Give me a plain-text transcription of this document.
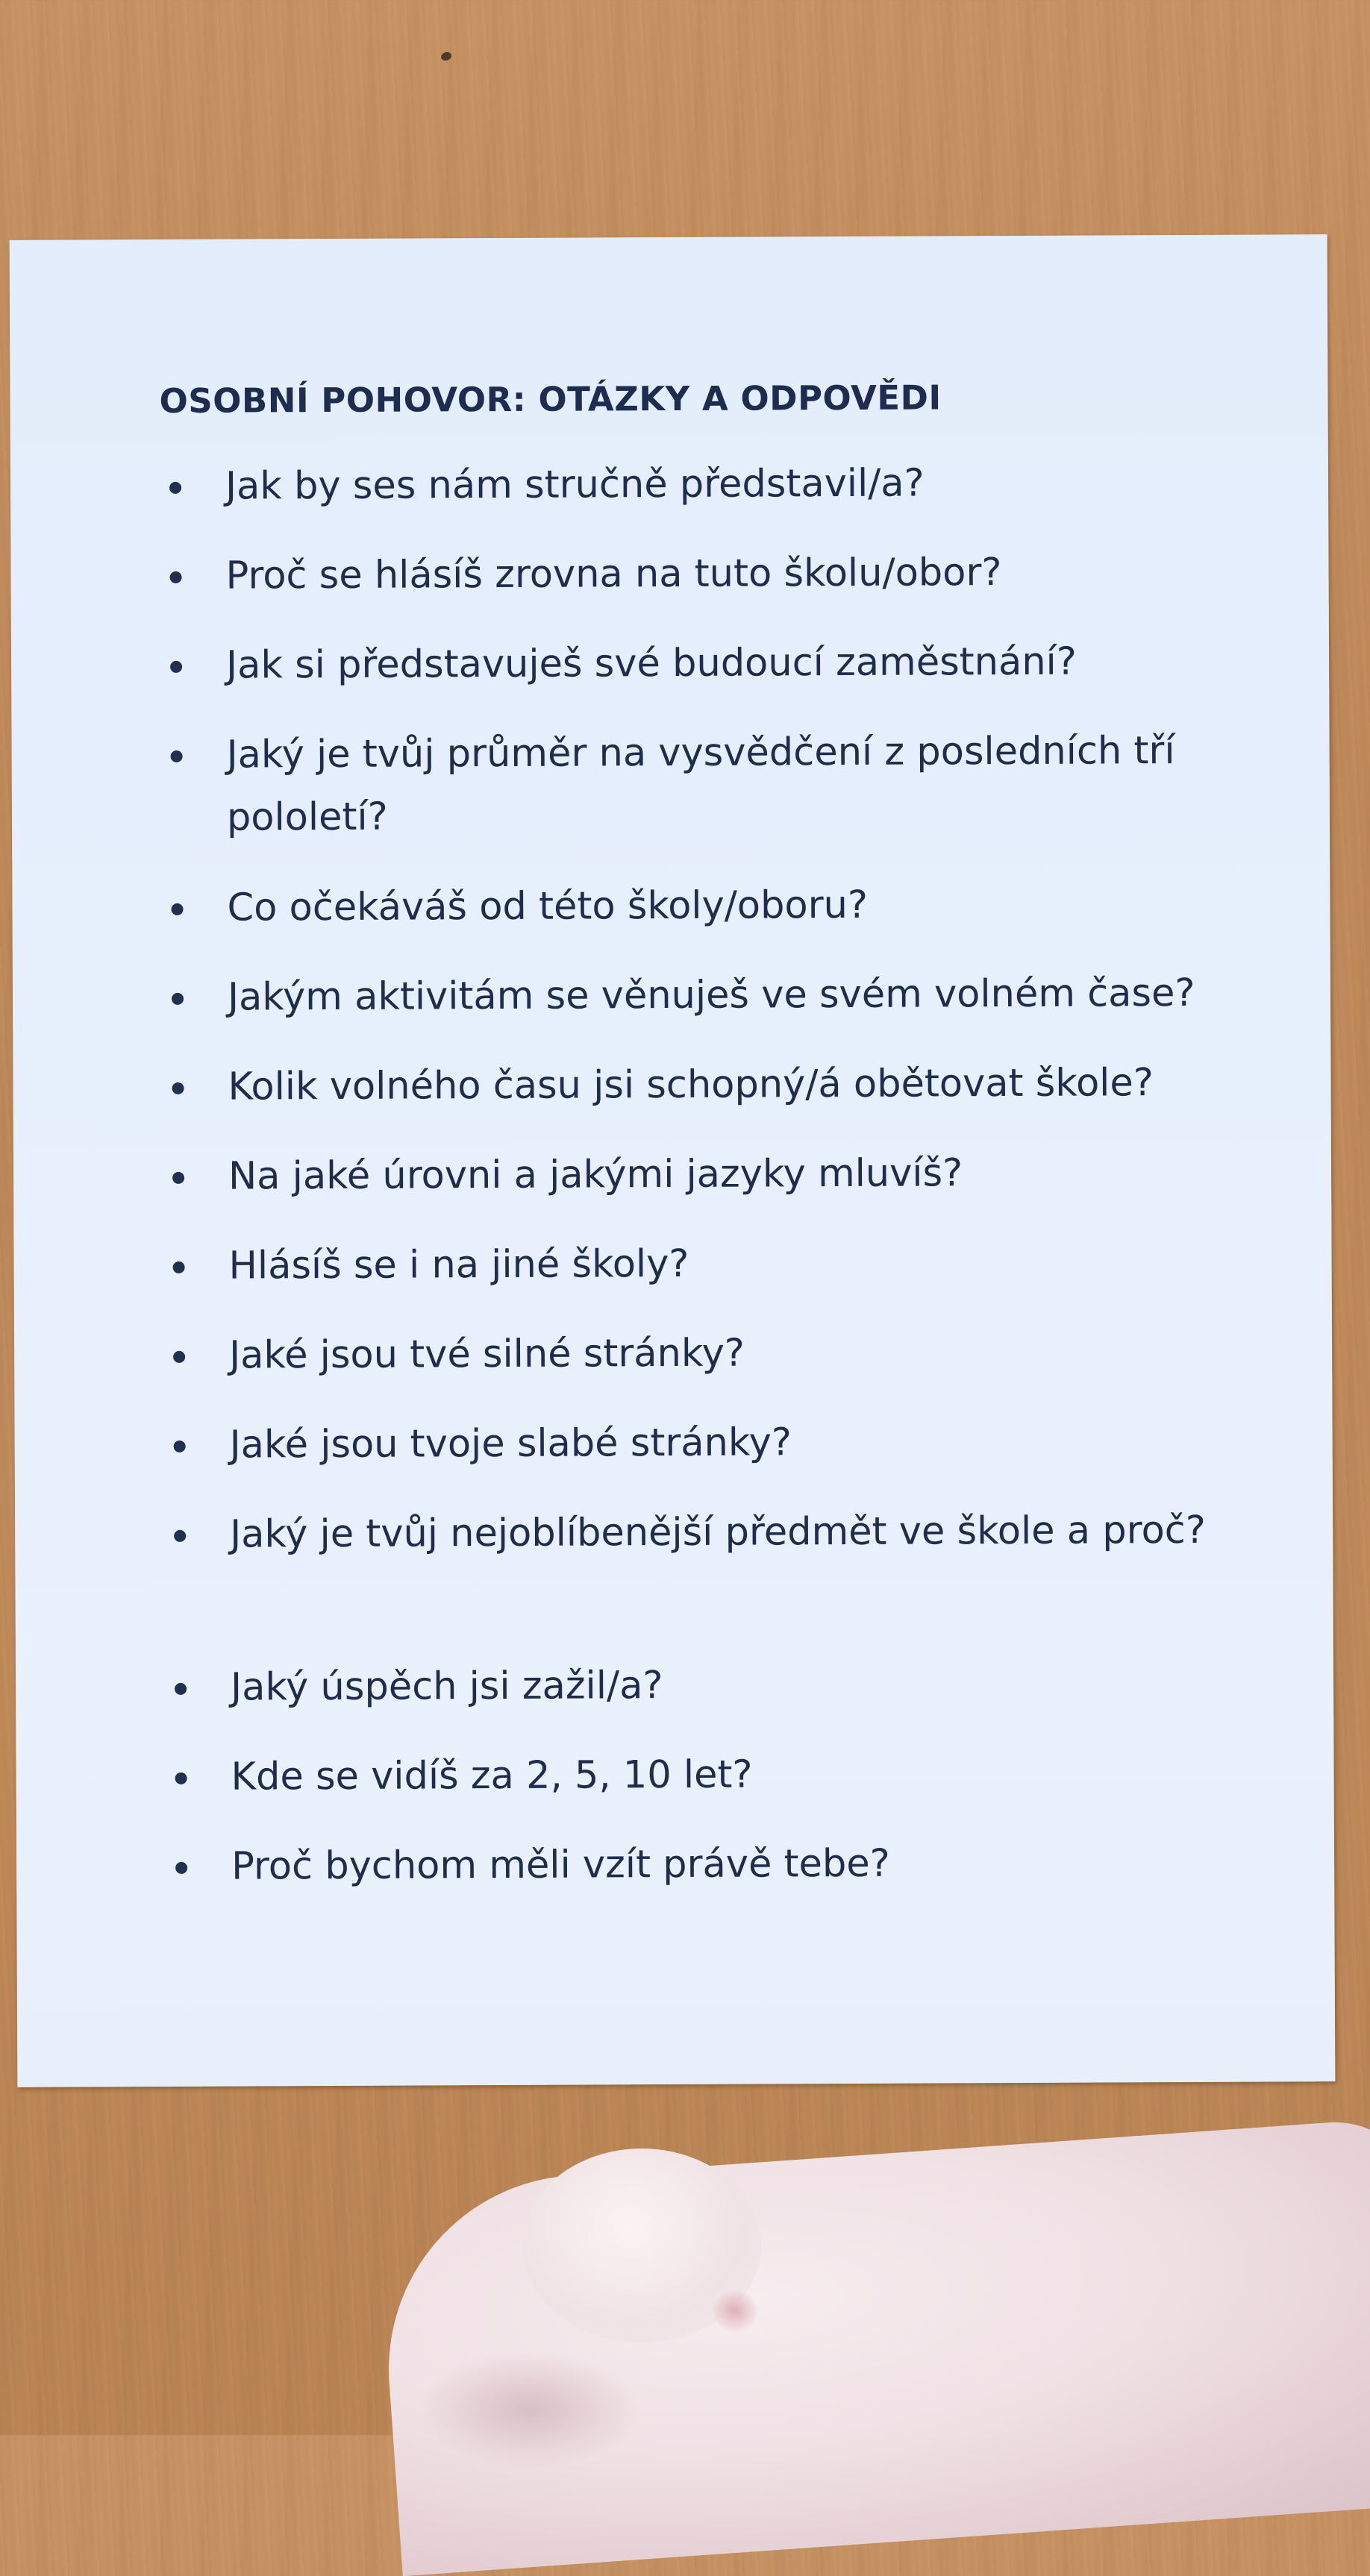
OSOBNÍ POHOVOR: OTÁZKY A ODPOVĚDI
Jak by ses nám stručně představil/a?
Proč se hlásíš zrovna na tuto školu/obor?
Jak si představuješ své budoucí zaměstnání?
Jaký je tvůj průměr na vysvědčení z posledních tří pololetí?
Co očekáváš od této školy/oboru?
Jakým aktivitám se věnuješ ve svém volném čase?
Kolik volného času jsi schopný/á obětovat škole?
Na jaké úrovni a jakými jazyky mluvíš?
Hlásíš se i na jiné školy?
Jaké jsou tvé silné stránky?
Jaké jsou tvoje slabé stránky?
Jaký je tvůj nejoblíbenější předmět ve škole a proč?
Jaký úspěch jsi zažil/a?
Kde se vidíš za 2, 5, 10 let?
Proč bychom měli vzít právě tebe?
